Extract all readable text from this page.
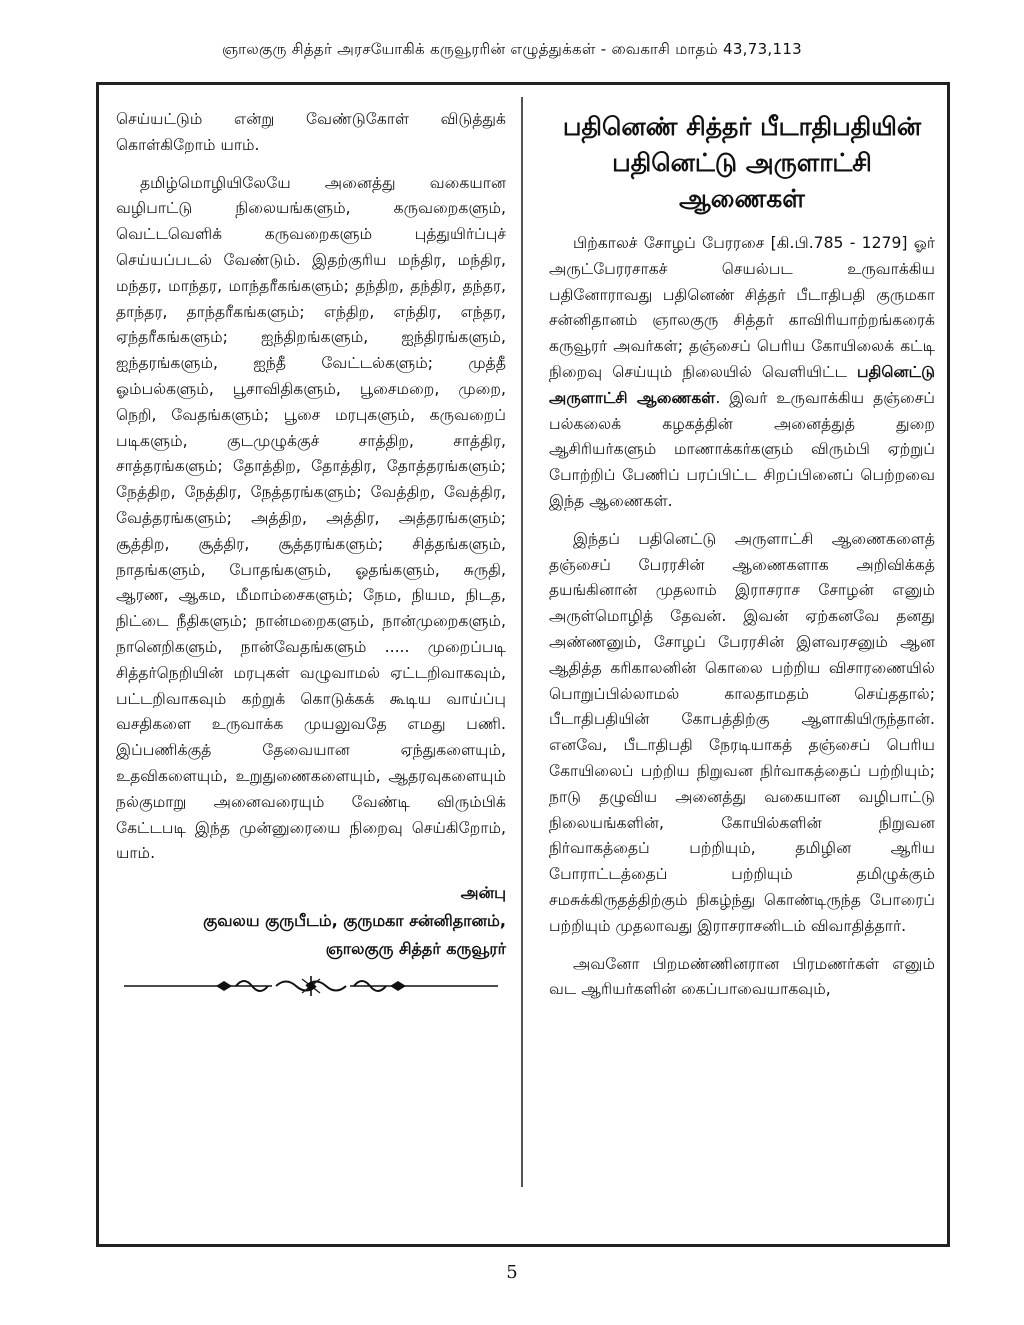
ஞாலகுரு சித்தர் அரசயோகிக் கருவூரரின் எழுத்துக்கள் - வைகாசி மாதம் 43,73,113

செய்யட்டும் என்று வேண்டுகோள் விடுத்துக் கொள்கிறோம் யாம்.

தமிழ்மொழியிலேயே அனைத்து வகையான வழிபாட்டு நிலையங்களும், கருவறைகளும், வெட்டவெளிக் கருவறைகளும் புத்துயிர்ப்புச் செய்யப்படல் வேண்டும். இதற்குரிய மந்திர, மந்திர, மந்தர, மாந்தர, மாந்தரீகங்களும்; தந்திற, தந்திர, தந்தர, தாந்தர, தாந்தரீகங்களும்; எந்திற, எந்திர, எந்தர, ஏந்தரீகங்களும்; ஐந்திறங்களும், ஐந்திரங்களும், ஐந்தரங்களும், ஐந்தீ வேட்டல்களும்; முத்தீ ஓம்பல்களும், பூசாவிதிகளும், பூசைமறை, முறை, நெறி, வேதங்களும்; பூசை மரபுகளும், கருவறைப் படிகளும், குடமுழுக்குச் சாத்திற, சாத்திர, சாத்தரங்களும்; தோத்திற, தோத்திர, தோத்தரங்களும்; நேத்திற, நேத்திர, நேத்தரங்களும்; வேத்திற, வேத்திர, வேத்தரங்களும்; அத்திற, அத்திர, அத்தரங்களும்; சூத்திற, சூத்திர, சூத்தரங்களும்; சித்தங்களும், நாதங்களும், போதங்களும், ஓதங்களும், சுருதி, ஆரண, ஆகம, மீமாம்சைகளும்; நேம, நியம, நிடத, நிட்டை நீதிகளும்; நான்மறைகளும், நான்முறைகளும், நானெறிகளும், நான்வேதங்களும் ..... முறைப்படி சித்தர்நெறியின் மரபுகள் வழுவாமல் ஏட்டறிவாகவும், பட்டறிவாகவும் கற்றுக் கொடுக்கக் கூடிய வாய்ப்பு வசதிகளை உருவாக்க முயலுவதே எமது பணி. இப்பணிக்குத் தேவையான ஏந்துகளையும், உதவிகளையும், உறுதுணைகளையும், ஆதரவுகளையும் நல்குமாறு அனைவரையும் வேண்டி விரும்பிக் கேட்டபடி இந்த முன்னுரையை நிறைவு செய்கிறோம், யாம்.

அன்பு
குவலய குருபீடம், குருமகா சன்னிதானம்,
ஞாலகுரு சித்தர் கருவூரர்
பதினெண் சித்தர் பீடாதிபதியின்
பதினெட்டு அருளாட்சி
ஆணைகள்

பிற்காலச் சோழப் பேரரசை [கி.பி.785 - 1279] ஓர் அருட்பேரரசாகச் செயல்பட உருவாக்கிய பதினோராவது பதினெண் சித்தர் பீடாதிபதி குருமகா சன்னிதானம் ஞாலகுரு சித்தர் காவிரியாற்றங்கரைக் கருவூரர் அவர்கள்; தஞ்சைப் பெரிய கோயிலைக் கட்டி நிறைவு செய்யும் நிலையில் வெளியிட்ட பதினெட்டு அருளாட்சி ஆணைகள். இவர் உருவாக்கிய தஞ்சைப் பல்கலைக் கழகத்தின் அனைத்துத் துறை ஆசிரியர்களும் மாணாக்கர்களும் விரும்பி ஏற்றுப் போற்றிப் பேணிப் பரப்பிட்ட சிறப்பினைப் பெற்றவை இந்த ஆணைகள்.

இந்தப் பதினெட்டு அருளாட்சி ஆணைகளைத் தஞ்சைப் பேரரசின் ஆணைகளாக அறிவிக்கத் தயங்கினான் முதலாம் இராசராச சோழன் எனும் அருள்மொழித் தேவன். இவன் ஏற்கனவே தனது அண்ணனும், சோழப் பேரரசின் இளவரசனும் ஆன ஆதித்த கரிகாலனின் கொலை பற்றிய விசாரணையில் பொறுப்பில்லாமல் காலதாமதம் செய்ததால்; பீடாதிபதியின் கோபத்திற்கு ஆளாகியிருந்தான். எனவே, பீடாதிபதி நேரடியாகத் தஞ்சைப் பெரிய கோயிலைப் பற்றிய நிறுவன நிர்வாகத்தைப் பற்றியும்; நாடு தழுவிய அனைத்து வகையான வழிபாட்டு நிலையங்களின், கோயில்களின் நிறுவன நிர்வாகத்தைப் பற்றியும், தமிழின ஆரிய போராட்டத்தைப் பற்றியும் தமிழுக்கும் சமசுக்கிருதத்திற்கும் நிகழ்ந்து கொண்டிருந்த போரைப் பற்றியும் முதலாவது இராசராசனிடம் விவாதித்தார்.

அவனோ பிறமண்ணினரான பிரமணர்கள் எனும் வட ஆரியர்களின் கைப்பாவையாகவும்,

5
